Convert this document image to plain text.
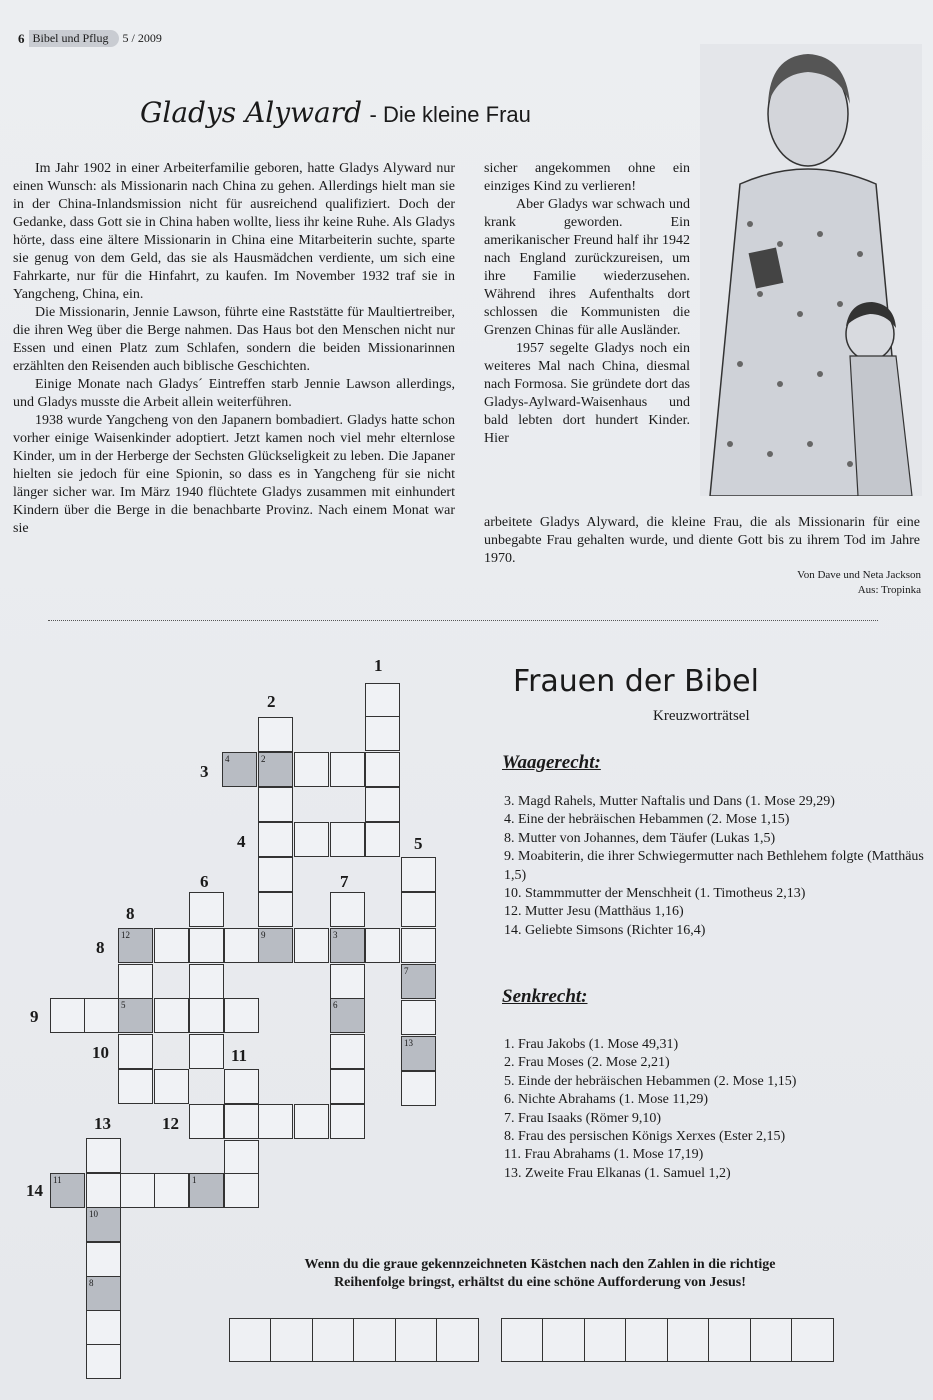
6 Bibel und Pflug	5 / 2009
Gladys Alyward - Die kleine Frau

Im Jahr 1902 in einer Arbeiterfamilie geboren, hatte Gladys Alyward nur einen Wunsch: als Missionarin nach China zu gehen. Allerdings hielt man sie in der China-Inlandsmission nicht für ausreichend qualifiziert. Doch der Gedanke, dass Gott sie in China haben wollte, liess ihr keine Ruhe. Als Gladys hörte, dass eine ältere Missionarin in China eine Mitarbeiterin suchte, sparte sie genug von dem Geld, das sie als Hausmädchen verdiente, um sich eine Fahrkarte, nur für die Hinfahrt, zu kaufen. Im November 1932 traf sie in Yangcheng, China, ein.

Die Missionarin, Jennie Lawson, führte eine Raststätte für Maultiertreiber, die ihren Weg über die Berge nahmen. Das Haus bot den Menschen nicht nur Essen und einen Platz zum Schlafen, sondern die beiden Missionarinnen erzählten den Reisenden auch biblische Geschichten.

Einige Monate nach Gladys´ Eintreffen starb Jennie Lawson allerdings, und Gladys musste die Arbeit allein weiterführen.

1938 wurde Yangcheng von den Japanern bombadiert. Gladys hatte schon vorher einige Waisenkinder adoptiert. Jetzt kamen noch viel mehr elternlose Kinder, um in der Herberge der Sechsten Glückseligkeit zu leben. Die Japaner hielten sie jedoch für eine Spionin, so dass es in Yangcheng für sie nicht länger sicher war. Im März 1940 flüchtete Gladys zusammen mit einhundert Kindern über die Berge in die benachbarte Provinz. Nach einem Monat war sie

sicher angekommen ohne ein einziges Kind zu verlieren!

Aber Gladys war schwach und krank geworden. Ein amerikanischer Freund half ihr 1942 nach England zurückzureisen, um ihre Familie wiederzusehen. Während ihres Aufenthalts dort schlossen die Kommunisten die Grenzen Chinas für alle Ausländer.

1957 segelte Gladys noch ein weiteres Mal nach China, diesmal nach Formosa. Sie gründete dort das Gladys-Aylward-Waisenhaus und bald lebten dort hundert Kinder. Hier

arbeitete Gladys Alyward, die kleine Frau, die als Missionarin für eine unbegabte Frau gehalten wurde, und diente Gott bis zu ihrem Tod im Jahre 1970.
Von Dave und Neta Jackson
Aus: Tropinka
Frauen der Bibel
Kreuzworträtsel
Waagerecht:
3. Magd Rahels, Mutter Naftalis und Dans (1. Mose 29,29)
4. Eine der hebräischen Hebammen (2. Mose 1,15)
8. Mutter von Johannes, dem Täufer (Lukas 1,5)
9. Moabiterin, die ihrer Schwiegermutter nach Bethlehem folgte (Matthäus 1,5)
10. Stammmutter der Menschheit (1. Timotheus 2,13)
12. Mutter Jesu (Matthäus 1,16)
14. Geliebte Simsons (Richter 16,4)
Senkrecht:
1. Frau Jakobs (1. Mose 49,31)
2. Frau Moses (2. Mose 2,21)
5. Einde der hebräischen Hebammen (2. Mose 1,15)
6. Nichte Abrahams (1. Mose 11,29)
7. Frau Isaaks (Römer 9,10)
8. Frau des persischen Königs Xerxes (Ester 2,15)
11. Frau Abrahams (1. Mose 17,19)
13. Zweite Frau Elkanas (1. Samuel 1,2)
Wenn du die graue gekennzeichneten Kästchen nach den Zahlen in die richtige
Reihenfolge bringst, erhältst du eine schöne Aufforderung von Jesus!
4	2
7
13
12	9	3
6
5
10
8
11	1
1
2
3
4	5
6	7
8
8
9
10	11
12
13
14
